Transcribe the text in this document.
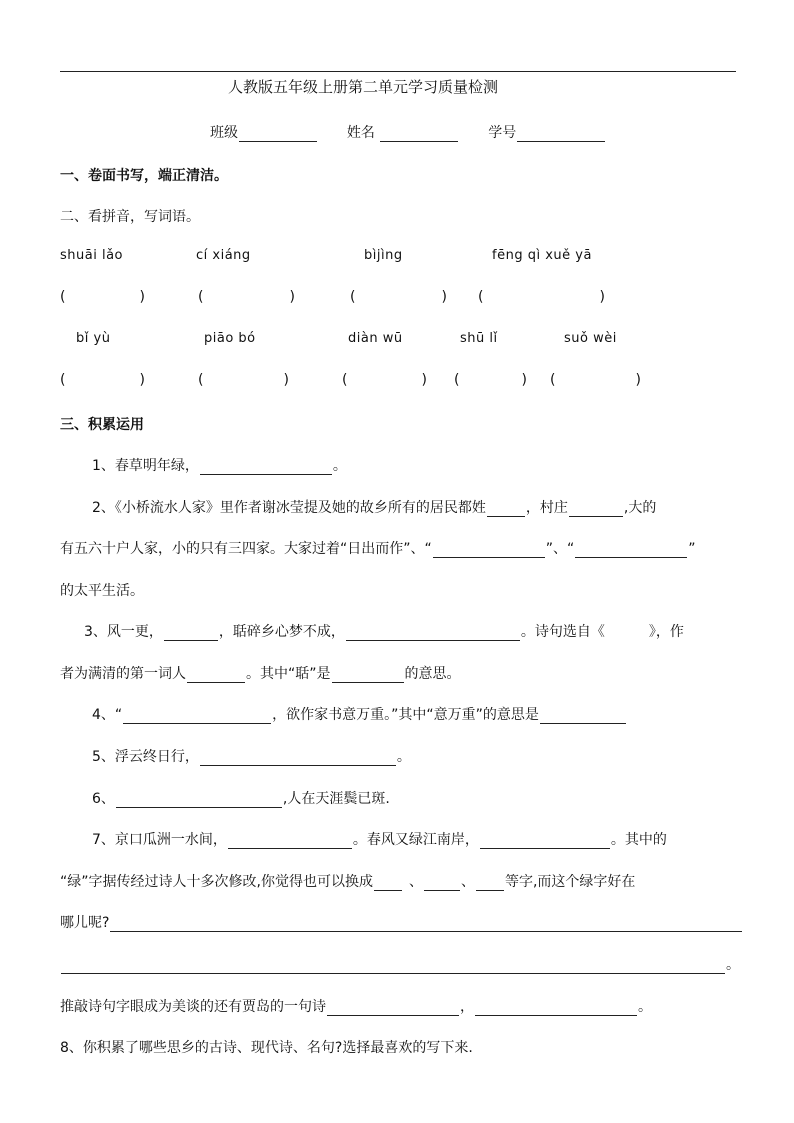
人教版五年级上册第二单元学习质量检测
班级	姓名	学号
一、卷面书写，端正清洁。
二、看拼音，写词语。
shuāi lǎo	cí xiáng	bìjìng	fēng qì xuě yā
(	)	(	)	(	) (	)
bǐ yù	piāo bó	diàn wū	shū lǐ	suǒ wèi
(	)	(	)	(	) (	) (	)
三、积累运用
1、春草明年绿，	。
2、《小桥流水人家》里作者谢冰莹提及她的故乡所有的居民都姓	，村庄	,大的
有五六十户人家，小的只有三四家。大家过着“日出而作”、“	”、“	”
的太平生活。
3、风一更，	，聒碎乡心梦不成，	。诗句选自《	》，作
者为满清的第一词人	。其中“聒”是	的意思。
4、“	，欲作家书意万重。”其中“意万重”的意思是
5、浮云终日行，	。
6、	,人在天涯鬓已斑.
7、京口瓜洲一水间，	。春风又绿江南岸，	。其中的
“绿”字据传经过诗人十多次修改,你觉得也可以换成	、	、 等字,而这个绿字好在
哪儿呢?
。
推敲诗句字眼成为美谈的还有贾岛的一句诗	，	。
8、你积累了哪些思乡的古诗、现代诗、名句?选择最喜欢的写下来.
